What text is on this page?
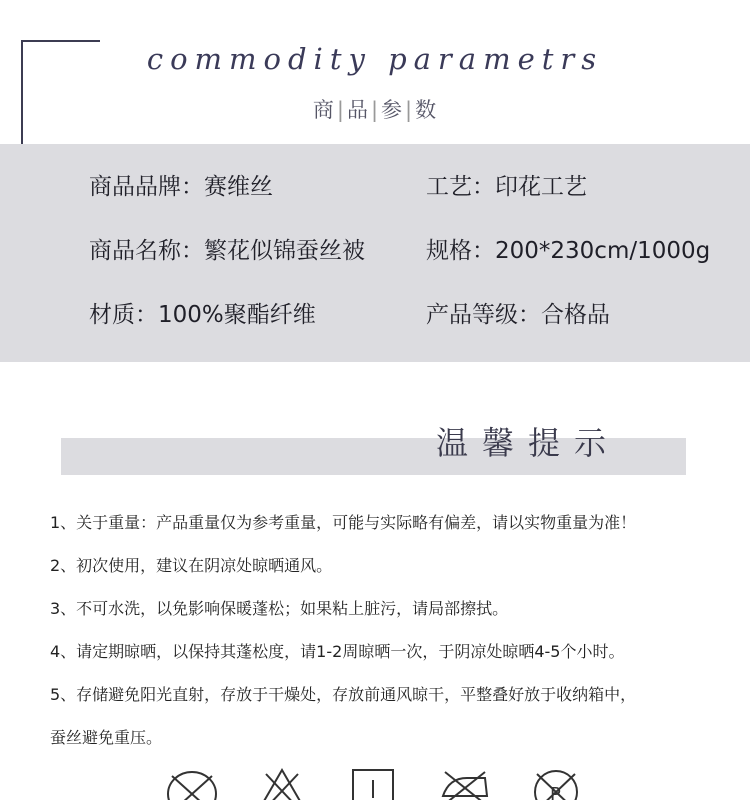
commodity parametrs
商|品|参|数
商品品牌：赛维丝	工艺：印花工艺
商品名称：繁花似锦蚕丝被	规格：200*230cm/1000g
材质：100%聚酯纤维	产品等级：合格品
温馨提示
1、关于重量：产品重量仅为参考重量，可能与实际略有偏差，请以实物重量为准！
2、初次使用，建议在阴凉处晾晒通风。
3、不可水洗，以免影响保暖蓬松；如果粘上脏污，请局部擦拭。
4、请定期晾晒，以保持其蓬松度，请1-2周晾晒一次，于阴凉处晾晒4-5个小时。
5、存储避免阳光直射，存放于干燥处，存放前通风晾干，平整叠好放于收纳箱中，
蚕丝避免重压。
P
